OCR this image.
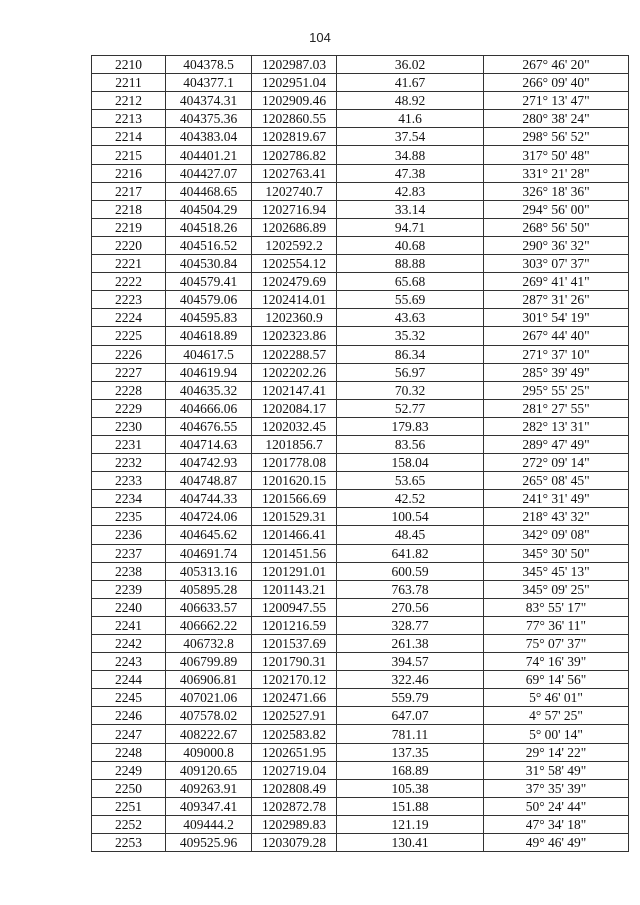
104
2210	404378.5	1202987.03	36.02	267° 46' 20"
2211	404377.1	1202951.04	41.67	266° 09' 40"
2212	404374.31	1202909.46	48.92	271° 13' 47"
2213	404375.36	1202860.55	41.6	280° 38' 24"
2214	404383.04	1202819.67	37.54	298° 56' 52"
2215	404401.21	1202786.82	34.88	317° 50' 48"
2216	404427.07	1202763.41	47.38	331° 21' 28"
2217	404468.65	1202740.7	42.83	326° 18' 36"
2218	404504.29	1202716.94	33.14	294° 56' 00"
2219	404518.26	1202686.89	94.71	268° 56' 50"
2220	404516.52	1202592.2	40.68	290° 36' 32"
2221	404530.84	1202554.12	88.88	303° 07' 37"
2222	404579.41	1202479.69	65.68	269° 41' 41"
2223	404579.06	1202414.01	55.69	287° 31' 26"
2224	404595.83	1202360.9	43.63	301° 54' 19"
2225	404618.89	1202323.86	35.32	267° 44' 40"
2226	404617.5	1202288.57	86.34	271° 37' 10"
2227	404619.94	1202202.26	56.97	285° 39' 49"
2228	404635.32	1202147.41	70.32	295° 55' 25"
2229	404666.06	1202084.17	52.77	281° 27' 55"
2230	404676.55	1202032.45	179.83	282° 13' 31"
2231	404714.63	1201856.7	83.56	289° 47' 49"
2232	404742.93	1201778.08	158.04	272° 09' 14"
2233	404748.87	1201620.15	53.65	265° 08' 45"
2234	404744.33	1201566.69	42.52	241° 31' 49"
2235	404724.06	1201529.31	100.54	218° 43' 32"
2236	404645.62	1201466.41	48.45	342° 09' 08"
2237	404691.74	1201451.56	641.82	345° 30' 50"
2238	405313.16	1201291.01	600.59	345° 45' 13"
2239	405895.28	1201143.21	763.78	345° 09' 25"
2240	406633.57	1200947.55	270.56	83° 55' 17"
2241	406662.22	1201216.59	328.77	77° 36' 11"
2242	406732.8	1201537.69	261.38	75° 07' 37"
2243	406799.89	1201790.31	394.57	74° 16' 39"
2244	406906.81	1202170.12	322.46	69° 14' 56"
2245	407021.06	1202471.66	559.79	5° 46' 01"
2246	407578.02	1202527.91	647.07	4° 57' 25"
2247	408222.67	1202583.82	781.11	5° 00' 14"
2248	409000.8	1202651.95	137.35	29° 14' 22"
2249	409120.65	1202719.04	168.89	31° 58' 49"
2250	409263.91	1202808.49	105.38	37° 35' 39"
2251	409347.41	1202872.78	151.88	50° 24' 44"
2252	409444.2	1202989.83	121.19	47° 34' 18"
2253	409525.96	1203079.28	130.41	49° 46' 49"
